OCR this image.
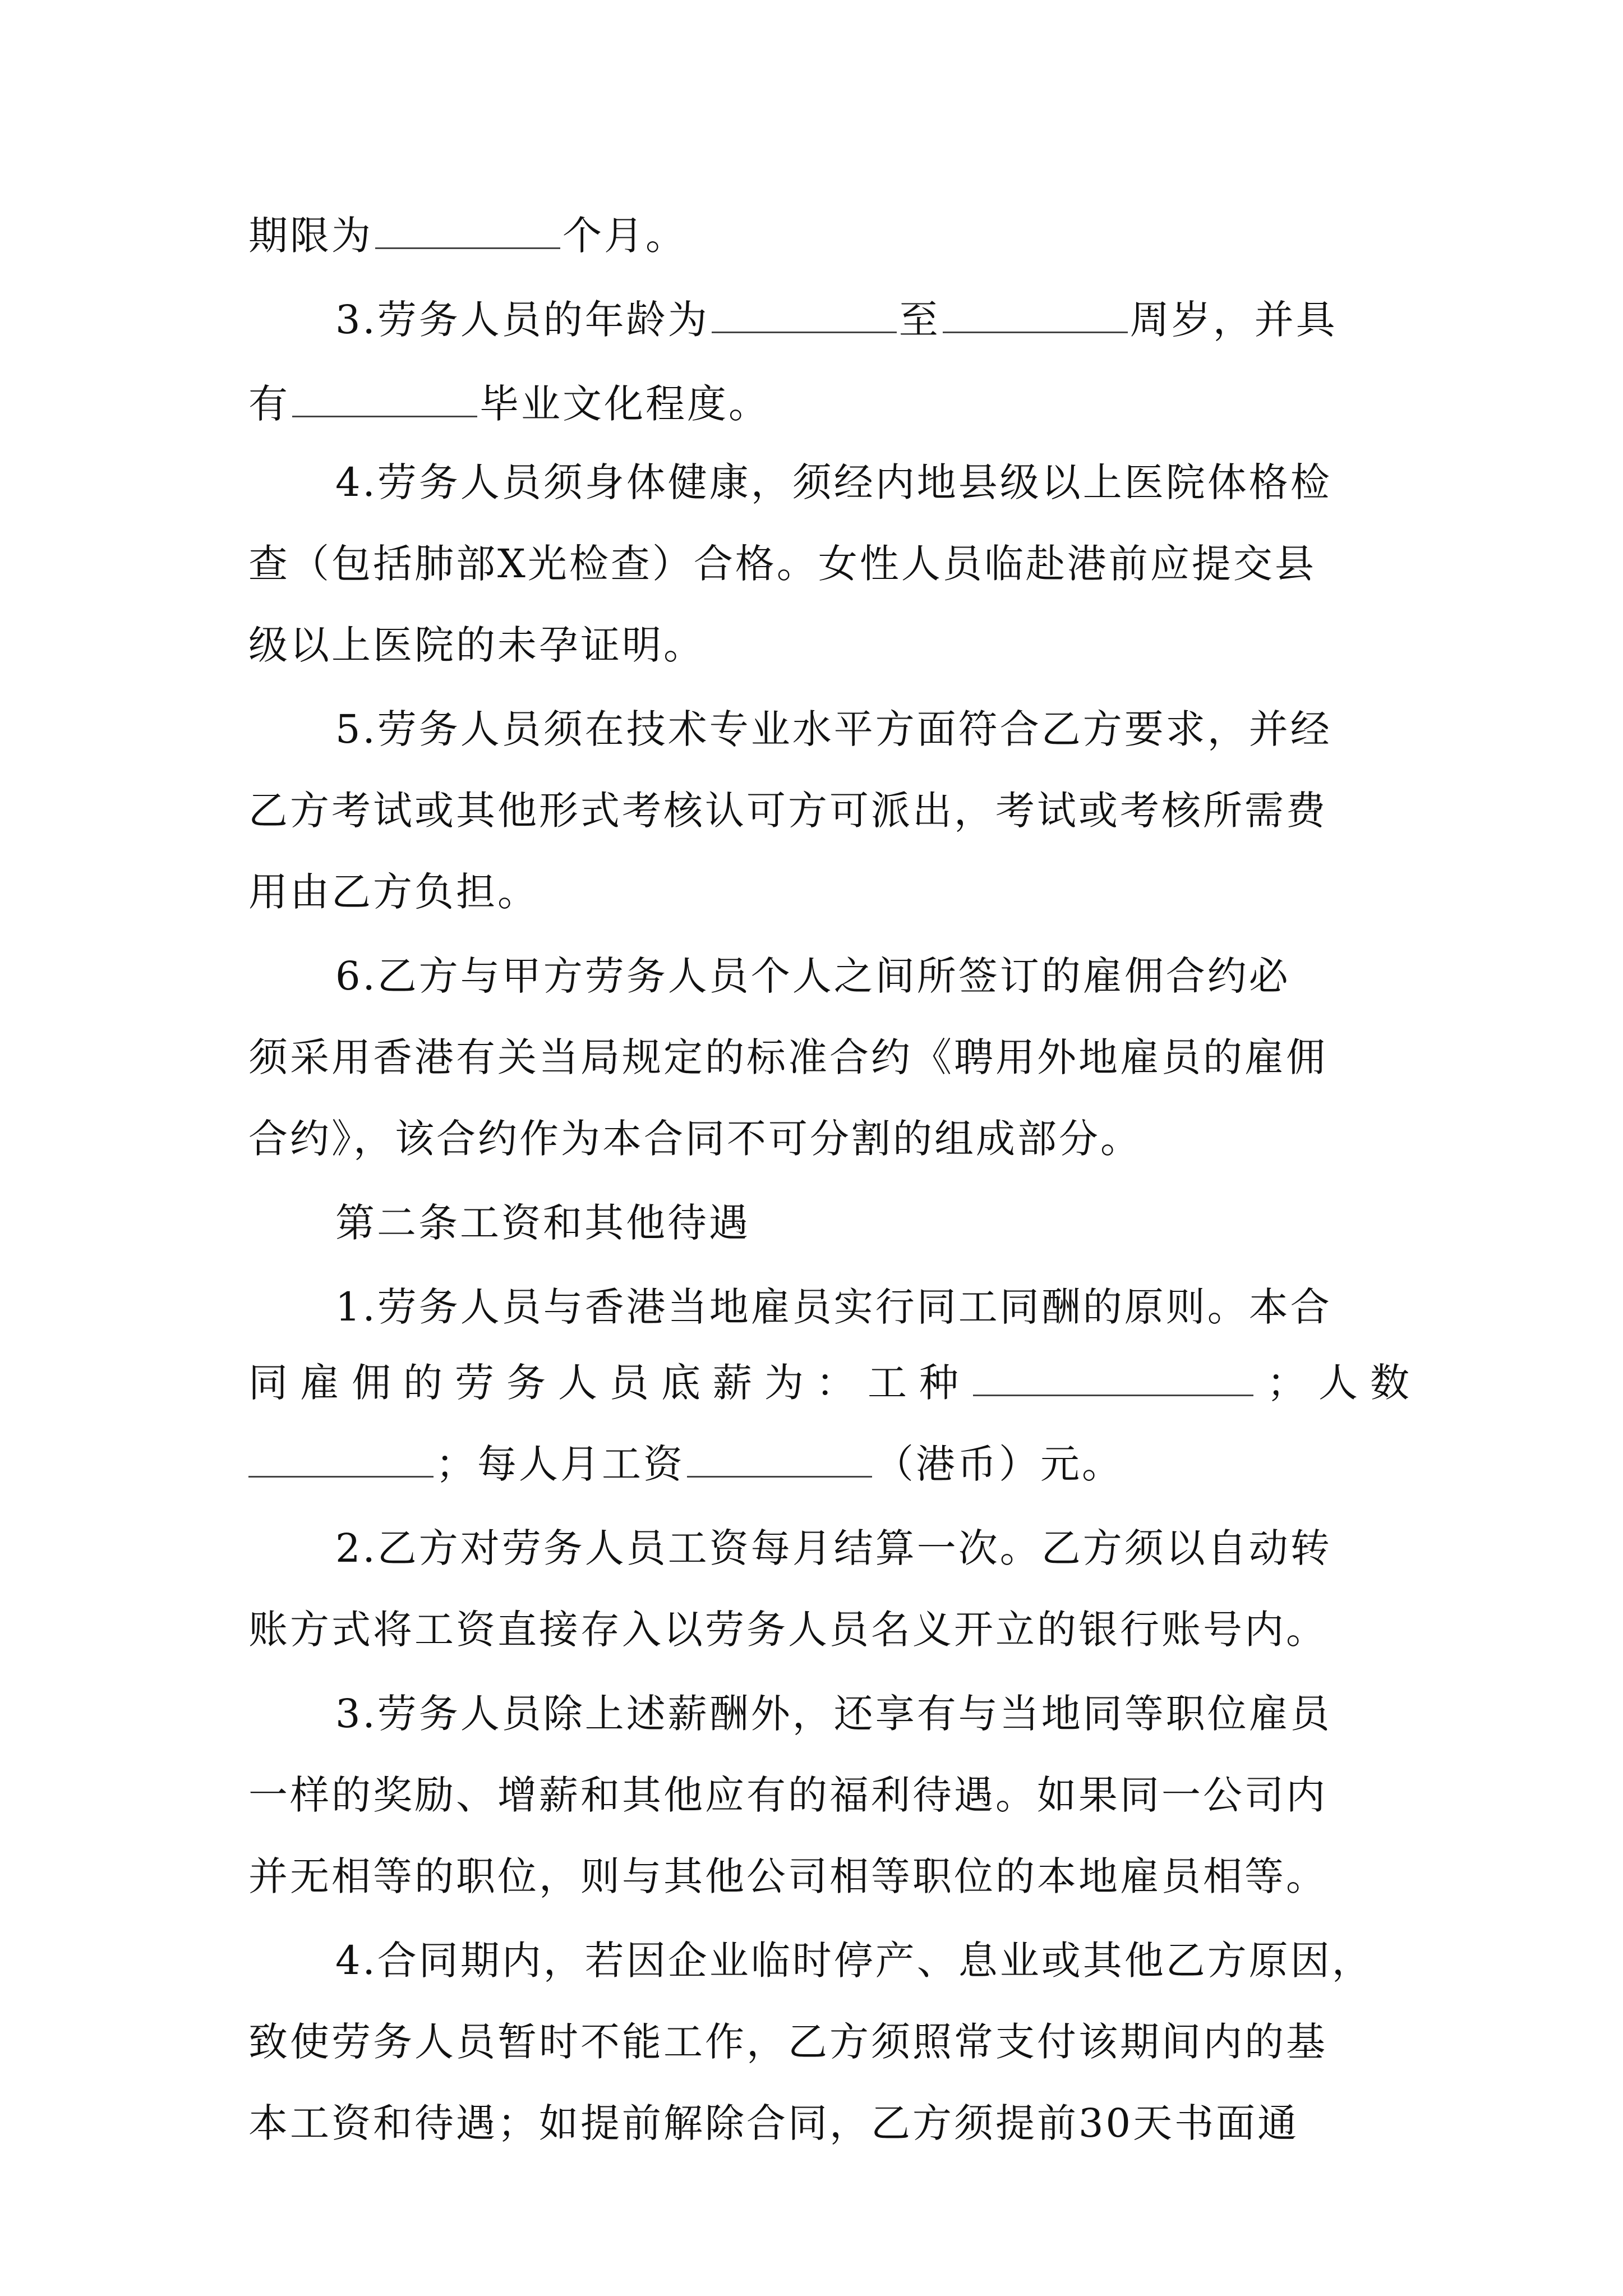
期限为	个月。
3.劳务人员的年龄为	至	周岁，并具
有	毕业文化程度。
4.劳务人员须身体健康，须经内地县级以上医院体格检
查（包括肺部X光检查）合格。女性人员临赴港前应提交县
级以上医院的未孕证明。
5.劳务人员须在技术专业水平方面符合乙方要求，并经
乙方考试或其他形式考核认可方可派出，考试或考核所需费
用由乙方负担。
6.乙方与甲方劳务人员个人之间所签订的雇佣合约必
须采用香港有关当局规定的标准合约《聘用外地雇员的雇佣
合约》，该合约作为本合同不可分割的组成部分。
第二条工资和其他待遇
1.劳务人员与香港当地雇员实行同工同酬的原则。本合
同雇佣的劳务人员底薪为：工种	；人数
；每人月工资	（港币）元。
2.乙方对劳务人员工资每月结算一次。乙方须以自动转
账方式将工资直接存入以劳务人员名义开立的银行账号内。
3.劳务人员除上述薪酬外，还享有与当地同等职位雇员
一样的奖励、增薪和其他应有的福利待遇。如果同一公司内
并无相等的职位，则与其他公司相等职位的本地雇员相等。
4.合同期内，若因企业临时停产、息业或其他乙方原因，
致使劳务人员暂时不能工作，乙方须照常支付该期间内的基
本工资和待遇；如提前解除合同，乙方须提前30天书面通
